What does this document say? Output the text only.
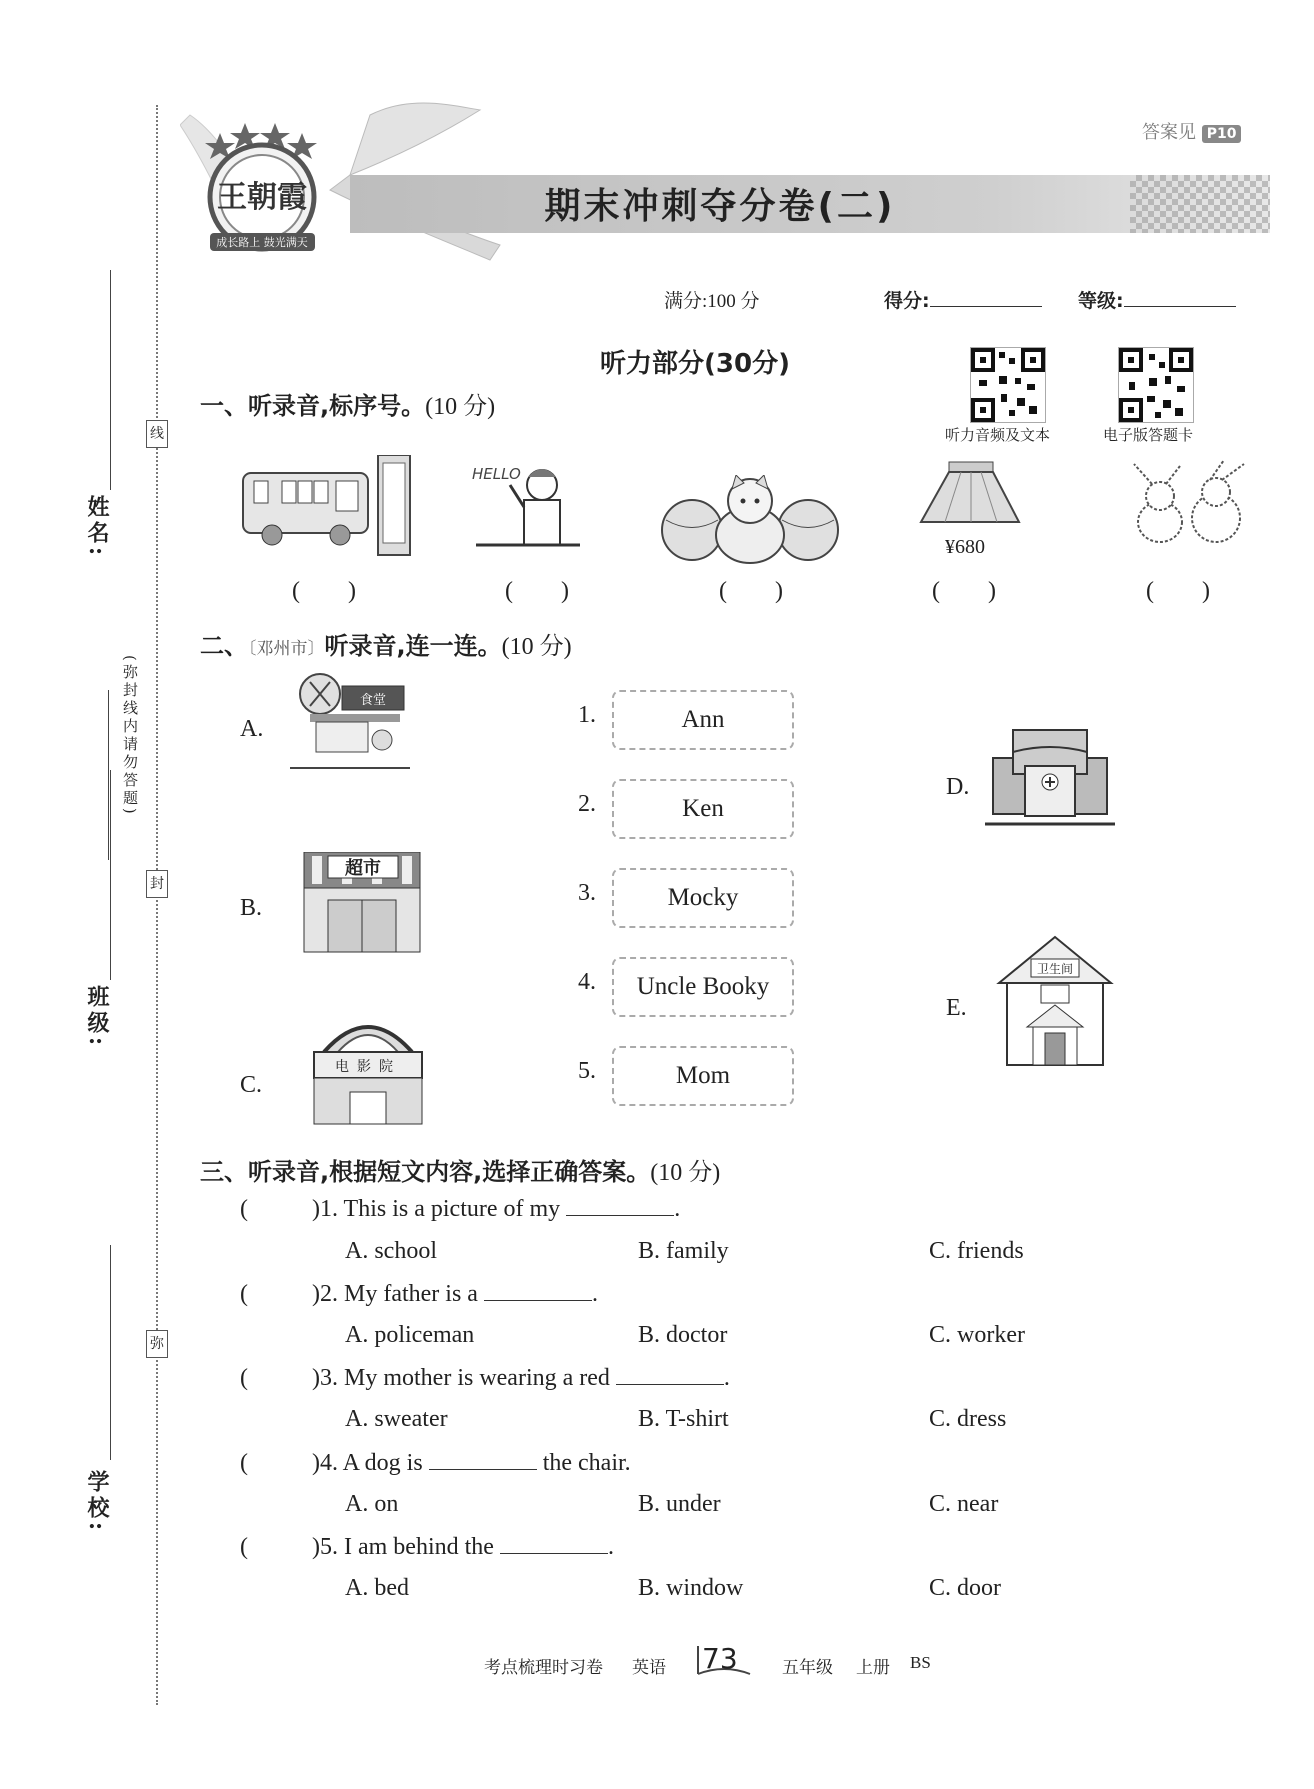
线
封
弥
(弥封线内请勿答题)
姓名:
班级:
学校:
答案见 P10
期末冲刺夺分卷(二)
王朝霞
成长路上 鼓光满天
满分:100 分	得分:	等级:
听力部分(30分)
听力音频及文本	电子版答题卡
一、听录音,标序号。(10 分)
HELLO
¥680
(　　)	(　　)	(　　)	(　　)	(　　)
二、〔邓州市〕听录音,连一连。(10 分)
A.
食堂
B.
超市
C.
电影院
1.	Ann
2.	Ken
3.	Mocky
4.	Uncle Booky
5.	Mom
D.
E.
卫生间
三、听录音,根据短文内容,选择正确答案。(10 分)
(	)1. This is a picture of my	.
A. school	B. family	C. friends
(	)2. My father is a	.
A. policeman	B. doctor	C. worker
(	)3. My mother is wearing a red	.
A. sweater	B. T-shirt	C. dress
(	)4. A dog is	the chair.
A. on	B. under	C. near
(	)5. I am behind the	.
A. bed	B. window	C. door
考点梳理时习卷 英语 73	五年级 上册 BS
